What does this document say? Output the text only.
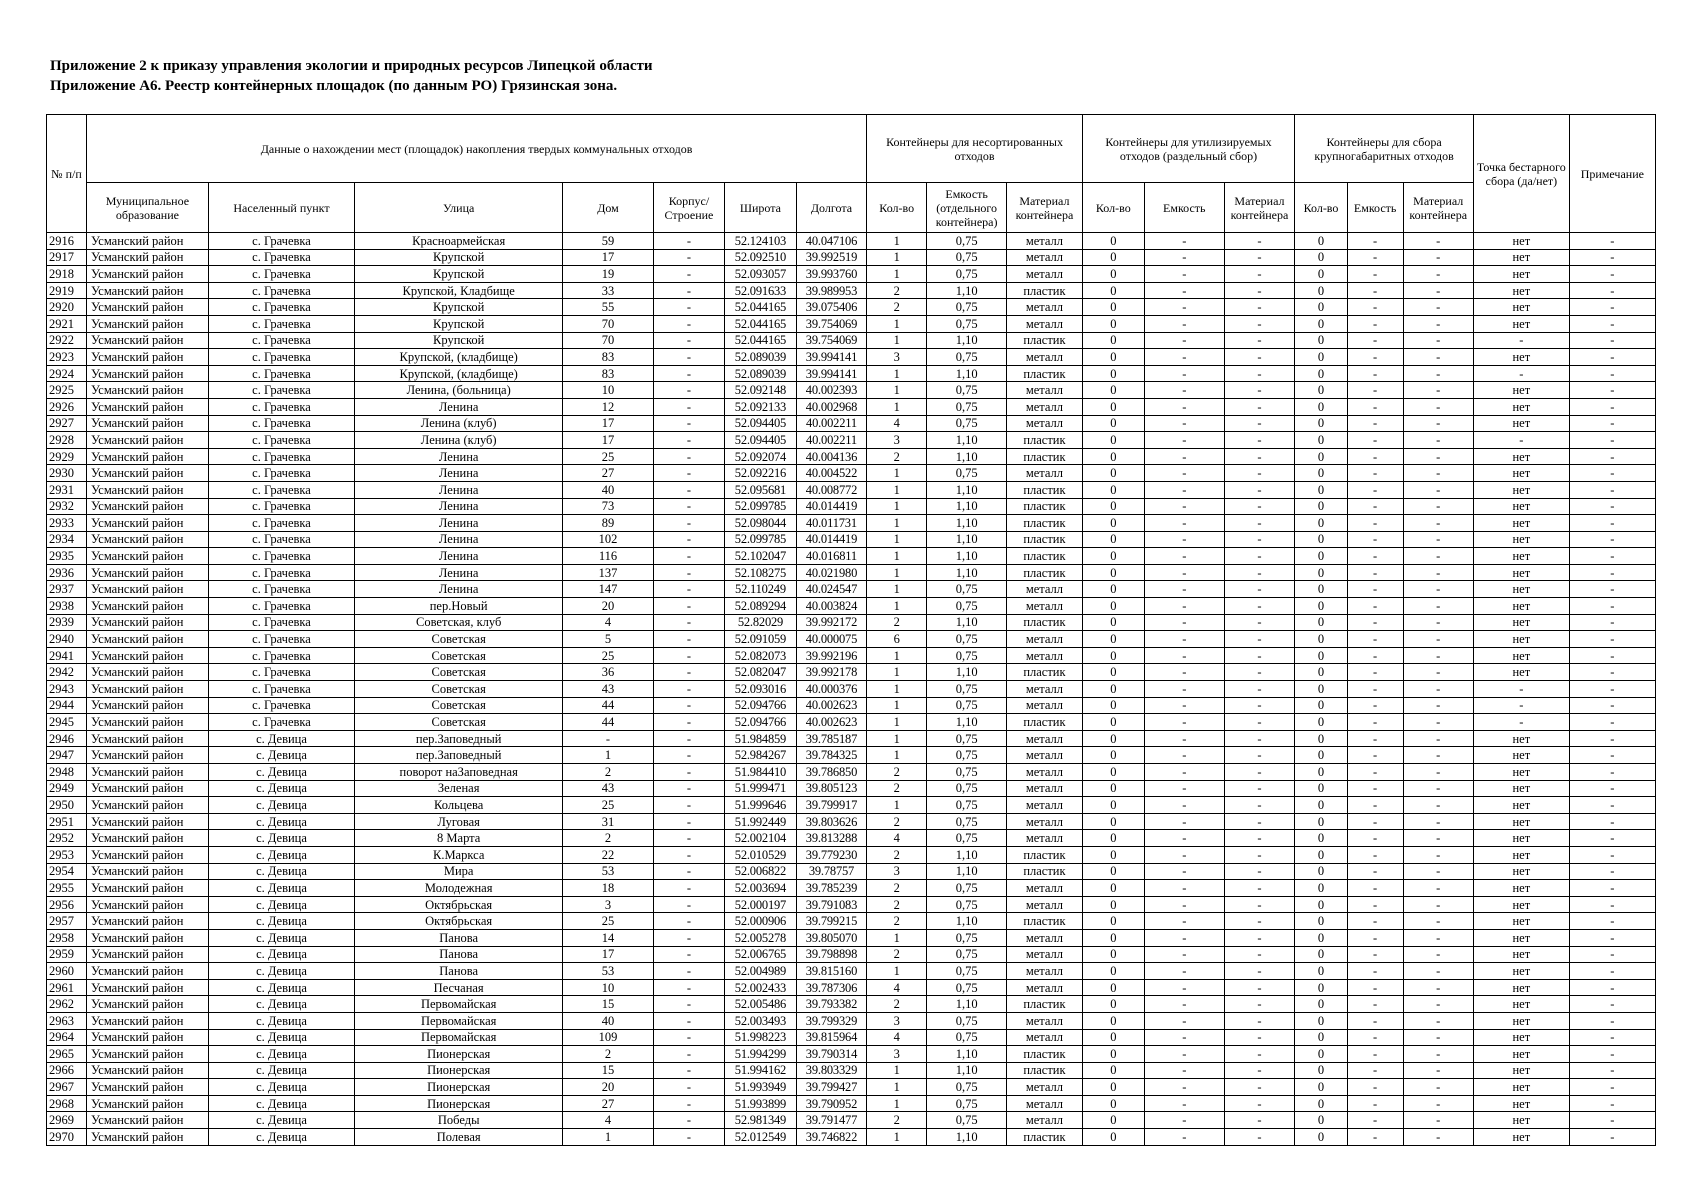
Приложение 2 к приказу управления экологии и природных ресурсов Липецкой области
Приложение А6. Реестр контейнерных площадок (по данным РО) Грязинская зона.
№ п/п	Данные о нахождении мест (площадок) накопления твердых коммунальных отходов							Контейнеры для несортированных отходов			Контейнеры для утилизируемых отходов (раздельный сбор)			Контейнеры для сбора крупногабаритных отходов			Точка бестарного сбора (да/нет)	Примечание
	Муниципальное образование	Населенный пункт	Улица	Дом	Корпус/ Строение	Широта	Долгота	Кол-во	Емкость (отдельного контейнера)	Материал контейнера	Кол-во	Емкость	Материал контейнера	Кол-во	Емкость	Материал контейнера		
2916	Усманский район	с. Грачевка	Красноармейская	59	-	52.124103	40.047106	1	0,75	металл	0	-	-	0	-	-	нет	-
2917	Усманский район	с. Грачевка	Крупской	17	-	52.092510	39.992519	1	0,75	металл	0	-	-	0	-	-	нет	-
2918	Усманский район	с. Грачевка	Крупской	19	-	52.093057	39.993760	1	0,75	металл	0	-	-	0	-	-	нет	-
2919	Усманский район	с. Грачевка	Крупской, Кладбище	33	-	52.091633	39.989953	2	1,10	пластик	0	-	-	0	-	-	нет	-
2920	Усманский район	с. Грачевка	Крупской	55	-	52.044165	39.075406	2	0,75	металл	0	-	-	0	-	-	нет	-
2921	Усманский район	с. Грачевка	Крупской	70	-	52.044165	39.754069	1	0,75	металл	0	-	-	0	-	-	нет	-
2922	Усманский район	с. Грачевка	Крупской	70	-	52.044165	39.754069	1	1,10	пластик	0	-	-	0	-	-	-	-
2923	Усманский район	с. Грачевка	Крупской, (кладбище)	83	-	52.089039	39.994141	3	0,75	металл	0	-	-	0	-	-	нет	-
2924	Усманский район	с. Грачевка	Крупской, (кладбище)	83	-	52.089039	39.994141	1	1,10	пластик	0	-	-	0	-	-	-	-
2925	Усманский район	с. Грачевка	Ленина, (больница)	10	-	52.092148	40.002393	1	0,75	металл	0	-	-	0	-	-	нет	-
2926	Усманский район	с. Грачевка	Ленина	12	-	52.092133	40.002968	1	0,75	металл	0	-	-	0	-	-	нет	-
2927	Усманский район	с. Грачевка	Ленина (клуб)	17	-	52.094405	40.002211	4	0,75	металл	0	-	-	0	-	-	нет	-
2928	Усманский район	с. Грачевка	Ленина (клуб)	17	-	52.094405	40.002211	3	1,10	пластик	0	-	-	0	-	-	-	-
2929	Усманский район	с. Грачевка	Ленина	25	-	52.092074	40.004136	2	1,10	пластик	0	-	-	0	-	-	нет	-
2930	Усманский район	с. Грачевка	Ленина	27	-	52.092216	40.004522	1	0,75	металл	0	-	-	0	-	-	нет	-
2931	Усманский район	с. Грачевка	Ленина	40	-	52.095681	40.008772	1	1,10	пластик	0	-	-	0	-	-	нет	-
2932	Усманский район	с. Грачевка	Ленина	73	-	52.099785	40.014419	1	1,10	пластик	0	-	-	0	-	-	нет	-
2933	Усманский район	с. Грачевка	Ленина	89	-	52.098044	40.011731	1	1,10	пластик	0	-	-	0	-	-	нет	-
2934	Усманский район	с. Грачевка	Ленина	102	-	52.099785	40.014419	1	1,10	пластик	0	-	-	0	-	-	нет	-
2935	Усманский район	с. Грачевка	Ленина	116	-	52.102047	40.016811	1	1,10	пластик	0	-	-	0	-	-	нет	-
2936	Усманский район	с. Грачевка	Ленина	137	-	52.108275	40.021980	1	1,10	пластик	0	-	-	0	-	-	нет	-
2937	Усманский район	с. Грачевка	Ленина	147	-	52.110249	40.024547	1	0,75	металл	0	-	-	0	-	-	нет	-
2938	Усманский район	с. Грачевка	пер.Новый	20	-	52.089294	40.003824	1	0,75	металл	0	-	-	0	-	-	нет	-
2939	Усманский район	с. Грачевка	Советская, клуб	4	-	52.82029	39.992172	2	1,10	пластик	0	-	-	0	-	-	нет	-
2940	Усманский район	с. Грачевка	Советская	5	-	52.091059	40.000075	6	0,75	металл	0	-	-	0	-	-	нет	-
2941	Усманский район	с. Грачевка	Советская	25	-	52.082073	39.992196	1	0,75	металл	0	-	-	0	-	-	нет	-
2942	Усманский район	с. Грачевка	Советская	36	-	52.082047	39.992178	1	1,10	пластик	0	-	-	0	-	-	нет	-
2943	Усманский район	с. Грачевка	Советская	43	-	52.093016	40.000376	1	0,75	металл	0	-	-	0	-	-	-	-
2944	Усманский район	с. Грачевка	Советская	44	-	52.094766	40.002623	1	0,75	металл	0	-	-	0	-	-	-	-
2945	Усманский район	с. Грачевка	Советская	44	-	52.094766	40.002623	1	1,10	пластик	0	-	-	0	-	-	-	-
2946	Усманский район	с. Девица	пер.Заповедный	-	-	51.984859	39.785187	1	0,75	металл	0	-	-	0	-	-	нет	-
2947	Усманский район	с. Девица	пер.Заповедный	1	-	52.984267	39.784325	1	0,75	металл	0	-	-	0	-	-	нет	-
2948	Усманский район	с. Девица	поворот наЗаповедная	2	-	51.984410	39.786850	2	0,75	металл	0	-	-	0	-	-	нет	-
2949	Усманский район	с. Девица	Зеленая	43	-	51.999471	39.805123	2	0,75	металл	0	-	-	0	-	-	нет	-
2950	Усманский район	с. Девица	Кольцева	25	-	51.999646	39.799917	1	0,75	металл	0	-	-	0	-	-	нет	-
2951	Усманский район	с. Девица	Луговая	31	-	51.992449	39.803626	2	0,75	металл	0	-	-	0	-	-	нет	-
2952	Усманский район	с. Девица	8 Марта	2	-	52.002104	39.813288	4	0,75	металл	0	-	-	0	-	-	нет	-
2953	Усманский район	с. Девица	К.Маркса	22	-	52.010529	39.779230	2	1,10	пластик	0	-	-	0	-	-	нет	-
2954	Усманский район	с. Девица	Мира	53	-	52.006822	39.78757	3	1,10	пластик	0	-	-	0	-	-	нет	-
2955	Усманский район	с. Девица	Молодежная	18	-	52.003694	39.785239	2	0,75	металл	0	-	-	0	-	-	нет	-
2956	Усманский район	с. Девица	Октябрьская	3	-	52.000197	39.791083	2	0,75	металл	0	-	-	0	-	-	нет	-
2957	Усманский район	с. Девица	Октябрьская	25	-	52.000906	39.799215	2	1,10	пластик	0	-	-	0	-	-	нет	-
2958	Усманский район	с. Девица	Панова	14	-	52.005278	39.805070	1	0,75	металл	0	-	-	0	-	-	нет	-
2959	Усманский район	с. Девица	Панова	17	-	52.006765	39.798898	2	0,75	металл	0	-	-	0	-	-	нет	-
2960	Усманский район	с. Девица	Панова	53	-	52.004989	39.815160	1	0,75	металл	0	-	-	0	-	-	нет	-
2961	Усманский район	с. Девица	Песчаная	10	-	52.002433	39.787306	4	0,75	металл	0	-	-	0	-	-	нет	-
2962	Усманский район	с. Девица	Первомайская	15	-	52.005486	39.793382	2	1,10	пластик	0	-	-	0	-	-	нет	-
2963	Усманский район	с. Девица	Первомайская	40	-	52.003493	39.799329	3	0,75	металл	0	-	-	0	-	-	нет	-
2964	Усманский район	с. Девица	Первомайская	109	-	51.998223	39.815964	4	0,75	металл	0	-	-	0	-	-	нет	-
2965	Усманский район	с. Девица	Пионерская	2	-	51.994299	39.790314	3	1,10	пластик	0	-	-	0	-	-	нет	-
2966	Усманский район	с. Девица	Пионерская	15	-	51.994162	39.803329	1	1,10	пластик	0	-	-	0	-	-	нет	-
2967	Усманский район	с. Девица	Пионерская	20	-	51.993949	39.799427	1	0,75	металл	0	-	-	0	-	-	нет	-
2968	Усманский район	с. Девица	Пионерская	27	-	51.993899	39.790952	1	0,75	металл	0	-	-	0	-	-	нет	-
2969	Усманский район	с. Девица	Победы	4	-	52.981349	39.791477	2	0,75	металл	0	-	-	0	-	-	нет	-
2970	Усманский район	с. Девица	Полевая	1	-	52.012549	39.746822	1	1,10	пластик	0	-	-	0	-	-	нет	-
